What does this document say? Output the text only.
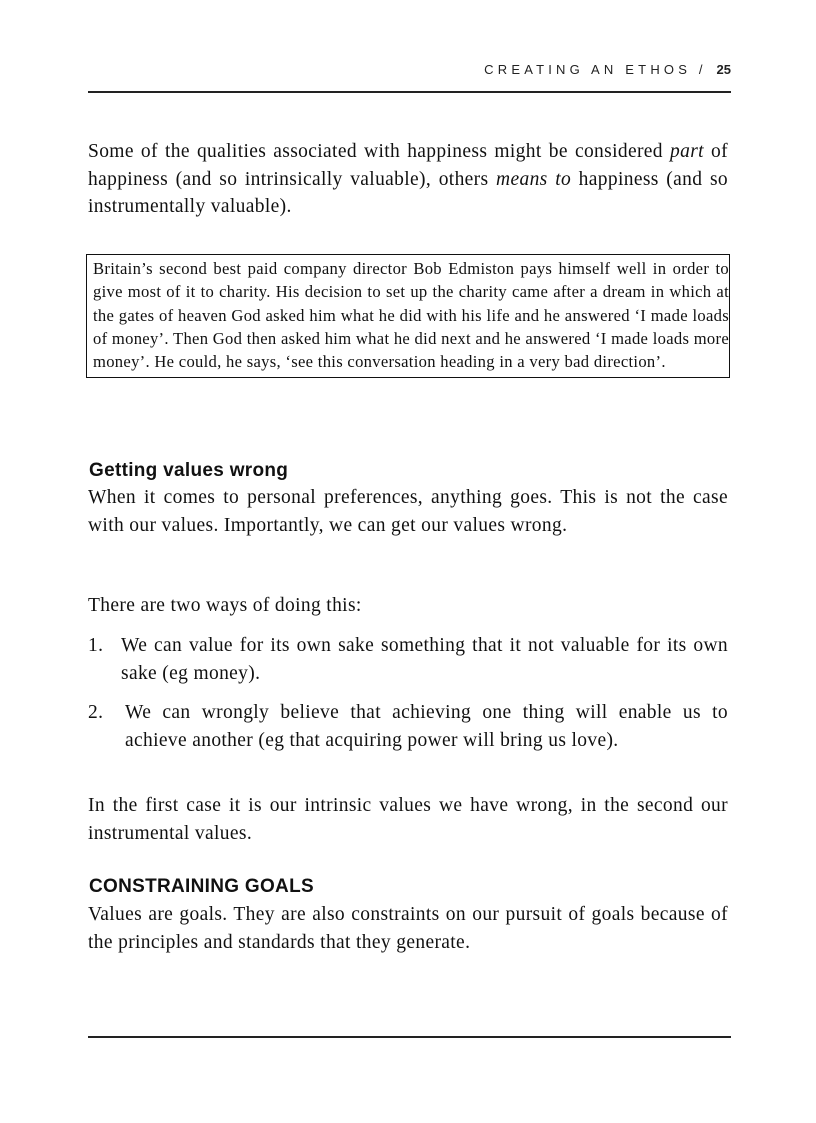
CREATING AN ETHOS / 25

Some of the qualities associated with happiness might be considered part of happiness (and so intrinsically valuable), others means to happiness (and so instrumentally valuable).

Britain’s second best paid company director Bob Edmiston pays himself well in order to give most of it to charity. His decision to set up the charity came after a dream in which at the gates of heaven God asked him what he did with his life and he answered ‘I made loads of money’. Then God then asked him what he did next and he answered ‘I made loads more money’. He could, he says, ‘see this conversation heading in a very bad direction’.
Getting values wrong

When it comes to personal preferences, anything goes. This is not the case with our values. Importantly, we can get our values wrong.

There are two ways of doing this:

1. We can value for its own sake something that it not valuable for its own sake (eg money).
2. We can wrongly believe that achieving one thing will enable us to achieve another (eg that acquiring power will bring us love).

In the first case it is our intrinsic values we have wrong, in the second our instrumental values.

CONSTRAINING GOALS

Values are goals. They are also constraints on our pursuit of goals because of the principles and standards that they generate.
